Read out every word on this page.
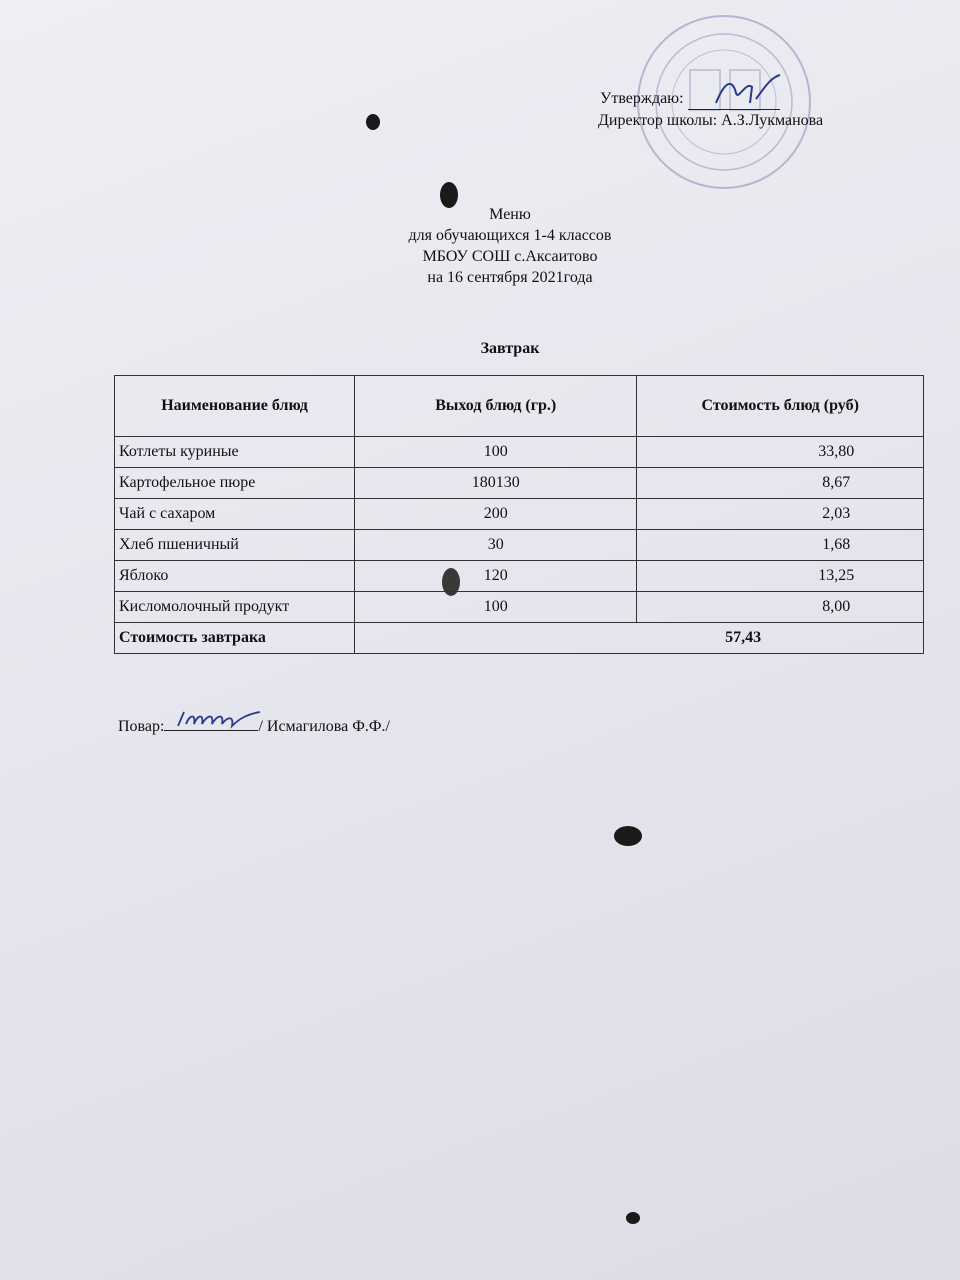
Утверждаю:
Директор школы: А.З.Лукманова
Меню
для обучающихся 1-4 классов
МБОУ СОШ с.Аксаитово
на 16 сентября 2021года
Завтрак
Наименование блюд	Выход блюд (гр.)	Стоимость блюд (руб)
Котлеты куриные	100	33,80
Картофельное пюре	180130	8,67
Чай с сахаром	200	2,03
Хлеб пшеничный	30	1,68
Яблоко	120	13,25
Кисломолочный продукт	100	8,00
Стоимость завтрака	57,43	
Повар:	/ Исмагилова Ф.Ф./
